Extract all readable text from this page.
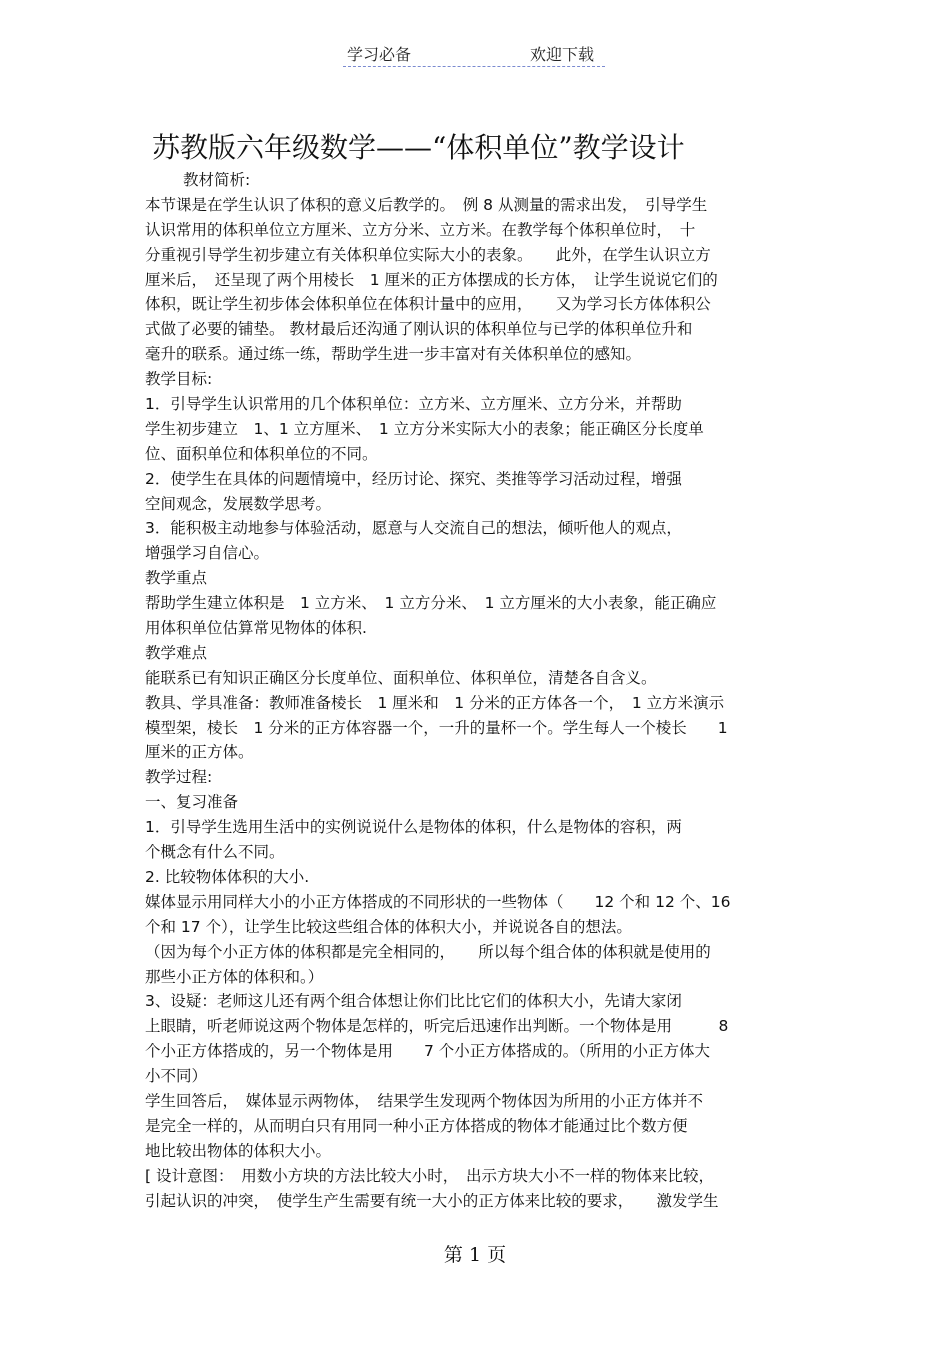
学习必备	欢迎下载
苏教版六年级数学——“体积单位”教学设计
教材简析:
本节课是在学生认识了体积的意义后教学的。　例 8 从测量的需求出发，　引导学生
认识常用的体积单位立方厘米、立方分米、立方米。在教学每个体积单位时，　十
分重视引导学生初步建立有关体积单位实际大小的表象。　　此外，在学生认识立方
厘米后，　还呈现了两个用棱长　1 厘米的正方体摆成的长方体，　让学生说说它们的
体积，既让学生初步体会体积单位在体积计量中的应用，　　又为学习长方体体积公
式做了必要的铺垫。 教材最后还沟通了刚认识的体积单位与已学的体积单位升和
毫升的联系。通过练一练，帮助学生进一步丰富对有关体积单位的感知。
教学目标:
1．引导学生认识常用的几个体积单位：立方米、立方厘米、立方分米，并帮助
学生初步建立　1、1 立方厘米、　1 立方分米实际大小的表象；能正确区分长度单
位、面积单位和体积单位的不同。
2．使学生在具体的问题情境中，经历讨论、探究、类推等学习活动过程，增强
空间观念，发展数学思考。
3．能积极主动地参与体验活动，愿意与人交流自己的想法，倾听他人的观点，
增强学习自信心。
教学重点
帮助学生建立体积是　1 立方米、　1 立方分米、　1 立方厘米的大小表象，能正确应
用体积单位估算常见物体的体积.
教学难点
能联系已有知识正确区分长度单位、面积单位、体积单位，清楚各自含义。
教具、学具准备：教师准备棱长　1 厘米和　1 分米的正方体各一个，　1 立方米演示
模型架，棱长　1 分米的正方体容器一个，一升的量杯一个。学生每人一个棱长　　1
厘米的正方体。
教学过程:
一、复习准备
1．引导学生选用生活中的实例说说什么是物体的体积，什么是物体的容积，两
个概念有什么不同。
2. 比较物体体积的大小.
媒体显示用同样大小的小正方体搭成的不同形状的一些物体（　　12 个和 12 个、16
个和 17 个），让学生比较这些组合体的体积大小，并说说各自的想法。
（因为每个小正方体的体积都是完全相同的，　　所以每个组合体的体积就是使用的
那些小正方体的体积和。）
3、设疑：老师这儿还有两个组合体想让你们比比它们的体积大小，先请大家闭
上眼睛，听老师说这两个物体是怎样的，听完后迅速作出判断。一个物体是用　　　8
个小正方体搭成的，另一个物体是用　　7 个小正方体搭成的。（所用的小正方体大
小不同）
学生回答后，　媒体显示两物体，　结果学生发现两个物体因为所用的小正方体并不
是完全一样的，从而明白只有用同一种小正方体搭成的物体才能通过比个数方便
地比较出物体的体积大小。
[ 设计意图：　用数小方块的方法比较大小时，　出示方块大小不一样的物体来比较，
引起认识的冲突，　使学生产生需要有统一大小的正方体来比较的要求，　　激发学生
第 1 页
